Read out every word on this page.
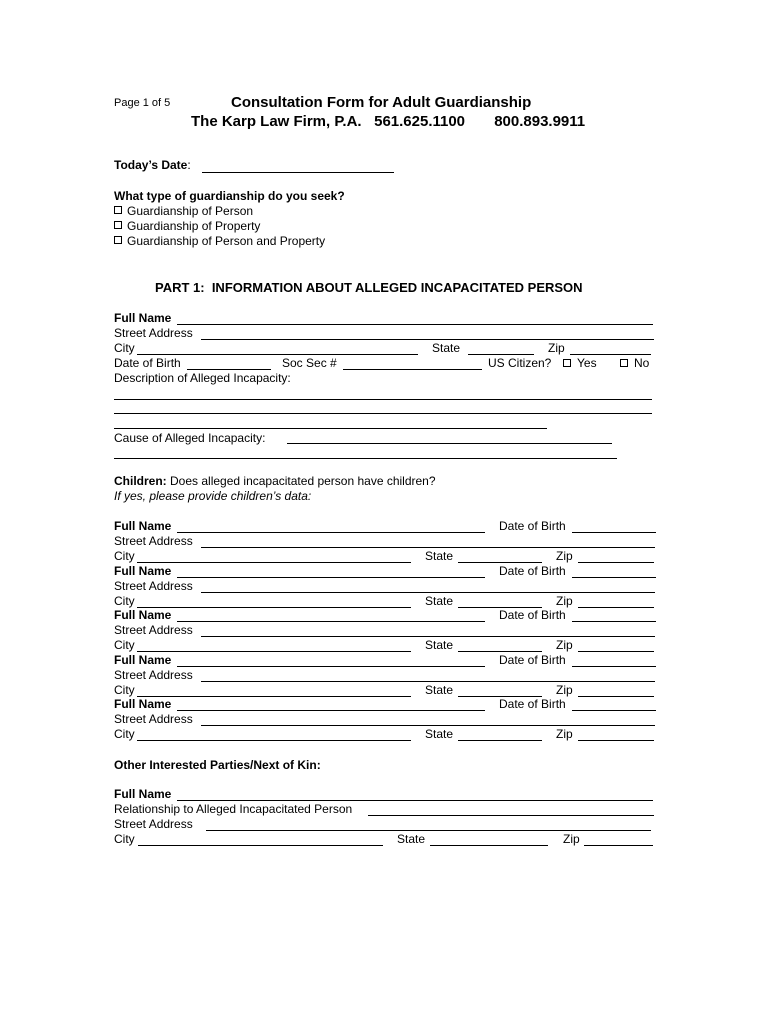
Page 1 of 5	Consultation Form for Adult Guardianship
The Karp Law Firm, P.A.   561.625.1100       800.893.9911
Today’s Date:
What type of guardianship do you seek?
Guardianship of Person
Guardianship of Property
Guardianship of Person and Property
PART 1:  INFORMATION ABOUT ALLEGED INCAPACITATED PERSON
Full Name
Street Address
City	State	Zip
Date of Birth	Soc Sec #	US Citizen? Yes	No
Description of Alleged Incapacity:
Cause of Alleged Incapacity:
Children: Does alleged incapacitated person have children?
If yes, please provide children’s data:
Full Name	Date of Birth
Street Address
City	State	Zip
Full Name	Date of Birth
Street Address
City	State	Zip
Full Name	Date of Birth
Street Address
City	State	Zip
Full Name	Date of Birth
Street Address
City	State	Zip
Full Name	Date of Birth
Street Address
City	State	Zip
Other Interested Parties/Next of Kin:
Full Name
Relationship to Alleged Incapacitated Person
Street Address
City	State	Zip
